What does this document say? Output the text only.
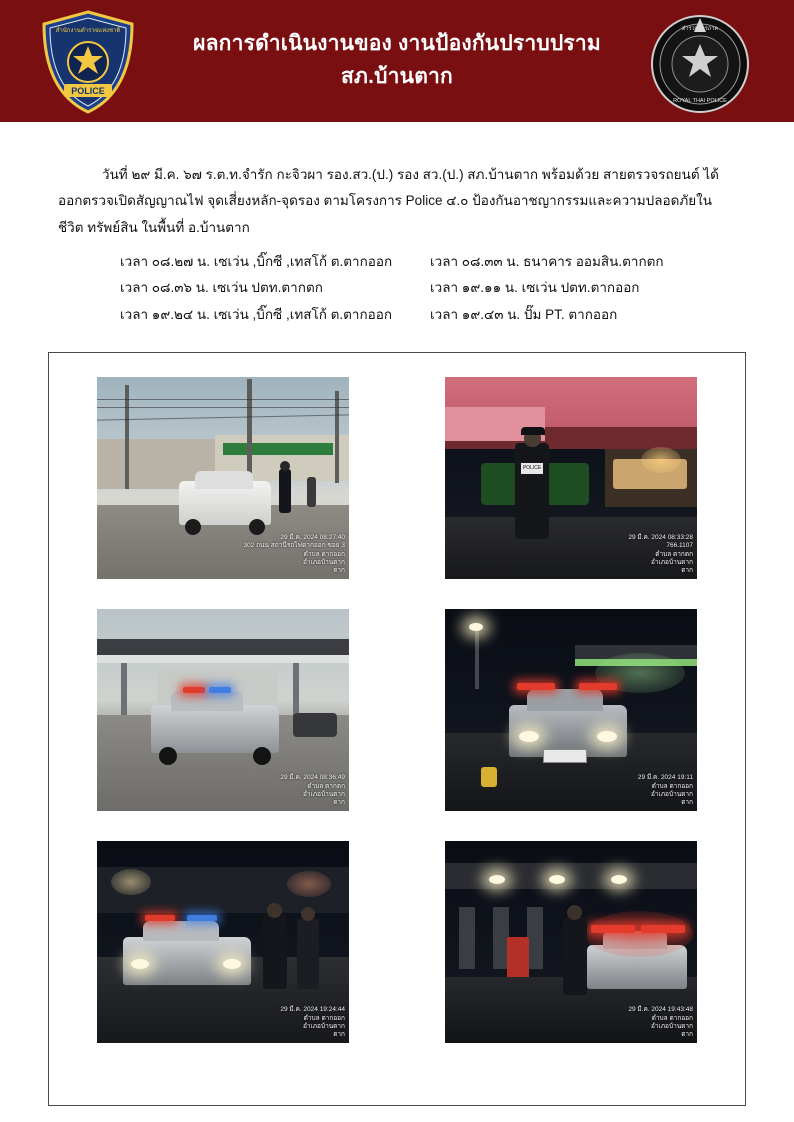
สำนักงานตำรวจแห่งชาติ
POLICE
ผลการดำเนินงานของ งานป้องกันปราบปราม
สภ.บ้านตาก
ตำรวจภูธรภาค
ROYAL THAI POLICE

วันที่ ๒๙ มี.ค. ๖๗ ร.ต.ท.จำรัก กะจิวผา รอง.สว.(ป.) รอง สว.(ป.) สภ.บ้านตาก พร้อมด้วย สายตรวจรถยนต์ ได้ออกตรวจเปิดสัญญาณไฟ จุดเสี่ยงหลัก-จุดรอง ตามโครงการ Police ๔.๐ ป้องกันอาชญากรรมและความปลอดภัยในชีวิต ทรัพย์สิน ในพื้นที่ อ.บ้านตาก

เวลา ๐๘.๒๗ น. เซเว่น ,บิ๊กซี ,เทสโก้ ต.ตากออก	เวลา ๐๘.๓๓ น. ธนาคาร ออมสิน.ตากตก
เวลา ๐๘.๓๖ น. เซเว่น ปตท.ตากตก	เวลา ๑๙.๑๑ น. เซเว่น ปตท.ตากออก
เวลา ๑๙.๒๔ น. เซเว่น ,บิ๊กซี ,เทสโก้ ต.ตากออก	เวลา ๑๙.๔๓ น. ปั๊ม PT. ตากออก
29 มี.ค. 2024 08:27:40
302 ถนน สถานีรถไฟตากออก ซอย 3
ตำบล ตากออก
อำเภอบ้านตาก
ตาก
POLICE
29 มี.ค. 2024 08:33:28
766.1107
ตำบล ตากตก
อำเภอบ้านตาก
ตาก
29 มี.ค. 2024 08:36:49
ตำบล ตากตก
อำเภอบ้านตาก
ตาก
29 มี.ค. 2024 19:11
ตำบล ตากออก
อำเภอบ้านตาก
ตาก
29 มี.ค. 2024 19:24:44
ตำบล ตากออก
อำเภอบ้านตาก
ตาก
29 มี.ค. 2024 19:43:48
ตำบล ตากออก
อำเภอบ้านตาก
ตาก
